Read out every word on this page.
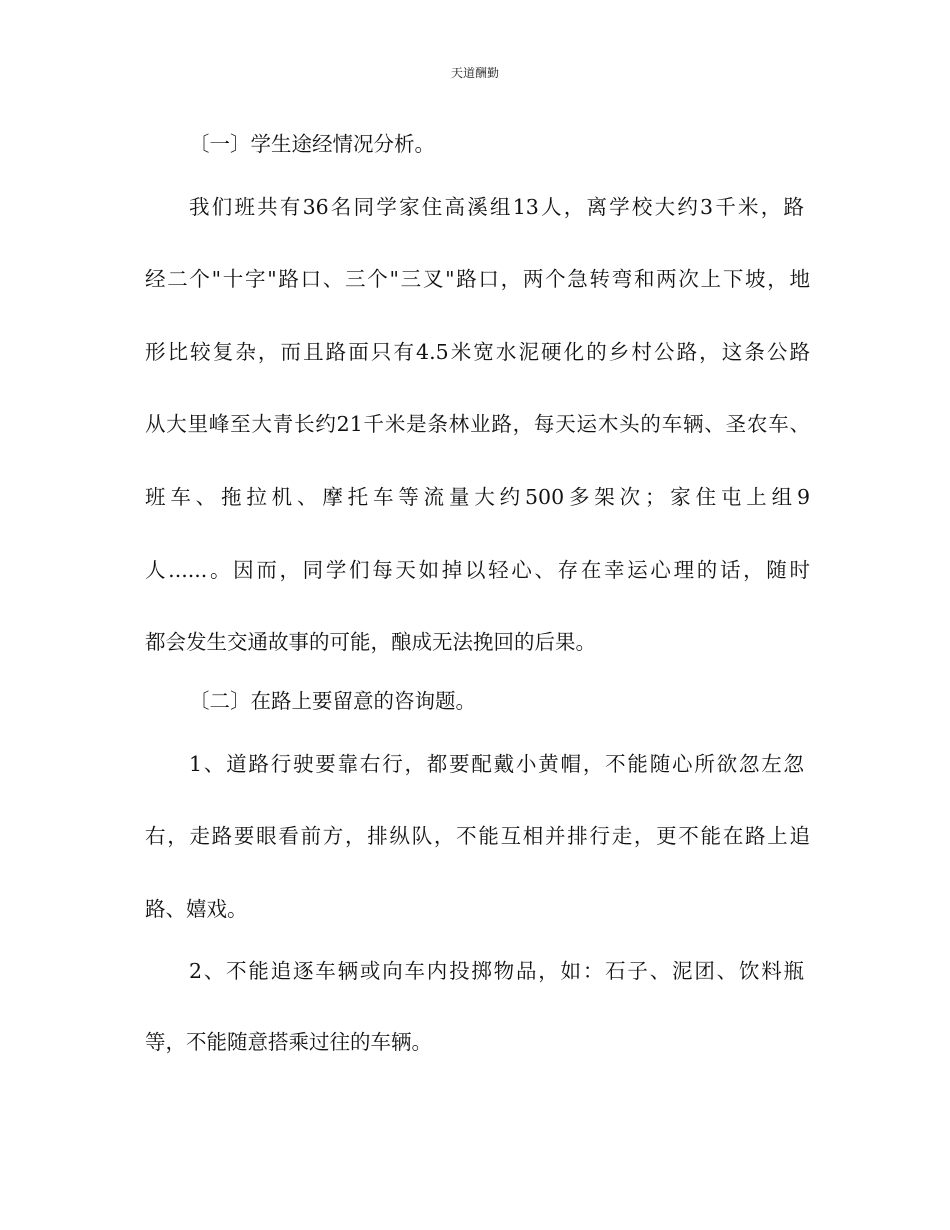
天道酬勤
〔一〕学生途经情况分析。
我们班共有36名同学家住高溪组13人，离学校大约3千米，路
经二个"十字"路口、三个"三叉"路口，两个急转弯和两次上下坡，地
形比较复杂，而且路面只有4.5米宽水泥硬化的乡村公路，这条公路
从大里峰至大青长约21千米是条林业路，每天运木头的车辆、圣农车、
班车、拖拉机、摩托车等流量大约500多架次；家住屯上组9
人......。因而，同学们每天如掉以轻心、存在幸运心理的话，随时
都会发生交通故事的可能，酿成无法挽回的后果。
〔二〕在路上要留意的咨询题。
1、道路行驶要靠右行，都要配戴小黄帽，不能随心所欲忽左忽
右，走路要眼看前方，排纵队，不能互相并排行走，更不能在路上追
路、嬉戏。
2、不能追逐车辆或向车内投掷物品，如：石子、泥团、饮料瓶
等，不能随意搭乘过往的车辆。
